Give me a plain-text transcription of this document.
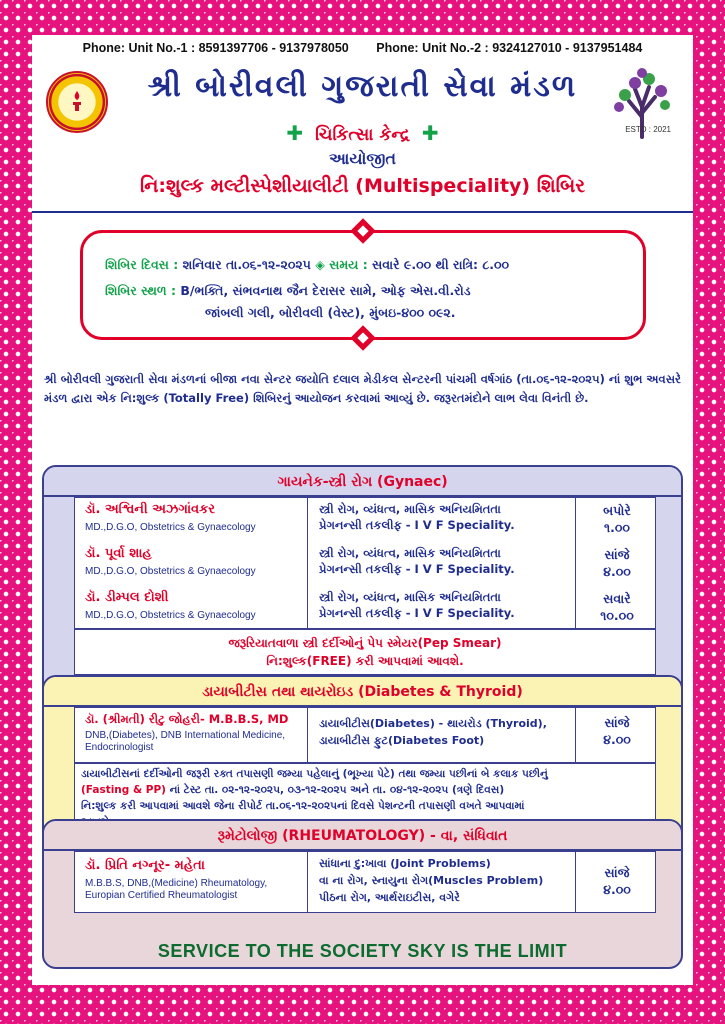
Phone: Unit No.-1 : 8591397706 - 9137978050 Phone: Unit No.-2 : 9324127010 - 9137951484
શ્રી બોરીવલી ગુજરાતી સેવા મંડળ
ESTD : 2021
✚ ચિકિત્સા કેન્દ્ર ✚
આયોજીત
નિ:શુલ્ક મલ્ટીસ્પેશીયાલીટી (Multispeciality) શિબિર
શિબિર દિવસ : શનિવાર તા.૦૬-૧૨-૨૦૨૫ ◈ સમય : સવારે ૯.૦૦ થી રાત્રિ: ૮.૦૦
શિબિર સ્થળ : B/ભક્તિ, સંભવનાથ જૈન દેરાસર સામે, ઓફ એસ.વી.રોડ
જાંબલી ગલી, બોરીવલી (વેસ્ટ), મુંબઇ-૪૦૦ ૦૯૨.
શ્રી બોરીવલી ગુજરાતી સેવા મંડળનાં બીજા નવા સેન્ટર જયોતિ દલાલ મેડીકલ સેન્ટરની પાંચમી વર્ષગાંઠ (તા.૦૬-૧૨-૨૦૨૫) નાં શુભ અવસરે મંડળ દ્વારા એક નિ:શુલ્ક (Totally Free) શિબિરનું આયોજન કરવામાં આવ્યું છે. જરૂરતમંદોને લાભ લેવા વિનંતી છે.
ગાયનેક-સ્ત્રી રોગ (Gynaec)
ડૉ. અશ્વિની અઝગાંવકર
MD.,D.G.O, Obstetrics & Gynaecology
સ્ત્રી રોગ, વ્યંધત્વ, માસિક અનિયમિતતા
પ્રેગનન્સી તકલીફ - I V F Speciality.
બપોરે
૧.૦૦
ડૉ. પૂર્વા શાહ
MD.,D.G.O, Obstetrics & Gynaecology
સ્ત્રી રોગ, વ્યંધત્વ, માસિક અનિયમિતતા
પ્રેગનન્સી તકલીફ - I V F Speciality.
સાંજે
૪.૦૦
ડૉ. ડીમ્પલ દોશી
MD.,D.G.O, Obstetrics & Gynaecology
સ્ત્રી રોગ, વ્યંધત્વ, માસિક અનિયમિતતા
પ્રેગનન્સી તકલીફ - I V F Speciality.
સવારે
૧૦.૦૦
જરૂરિયાતવાળા સ્ત્રી દર્દીઓનું પેપ સ્મેયર(Pep Smear)
નિ:શુલ્ક(FREE) કરી આપવામાં આવશે.
ડાયાબીટીસ તથા થાયરોઇડ (Diabetes & Thyroid)
ડૉ. (શ્રીમતી) રીટુ જોહરી- M.B.B.S, MD
DNB,(Diabetes), DNB International Medicine,
Endocrinologist
ડાયાબીટીસ(Diabetes) - થાયરોડ (Thyroid),
ડાયાબીટીસ ફુટ(Diabetes Foot)
સાંજે
૪.૦૦
ડાયાબીટીસનાં દર્દીઓની જરૂરી રક્ત તપાસણી જમ્યા પહેલાનું (ભૂખ્યા પેટે) તથા જમ્યા પછીનાં બે કલાક પછીનું
(Fasting & PP) નાં ટેસ્ટ તા. ૦૨-૧૨-૨૦૨૫, ૦૩-૧૨-૨૦૨૫ અને તા. ૦૪-૧૨-૨૦૨૫ (ત્રણે દિવસ)
નિ:શુલ્ક કરી આપવામાં આવશે જેના રીપોર્ટ તા.૦૬-૧૨-૨૦૨૫નાં દિવસે પેશન્ટની તપાસણી વખતે આપવામાં
રૂમેટોલોજી (RHEUMATOLOGY) - વા, સંધિવાત
ડૉ. પ્રિતિ નગ્નૂર- મહેતા
M.B.B.S, DNB,(Medicine) Rheumatology,
Europian Certified Rheumatologist
સાંધાના દુ:ખાવા (Joint Problems)
વા ના રોગ, સ્નાયુના રોગ(Muscles Problem)
પીઠના રોગ, આર્થરાઇટીસ, વગેરે
સાંજે
૪.૦૦
SERVICE TO THE SOCIETY SKY IS THE LIMIT
